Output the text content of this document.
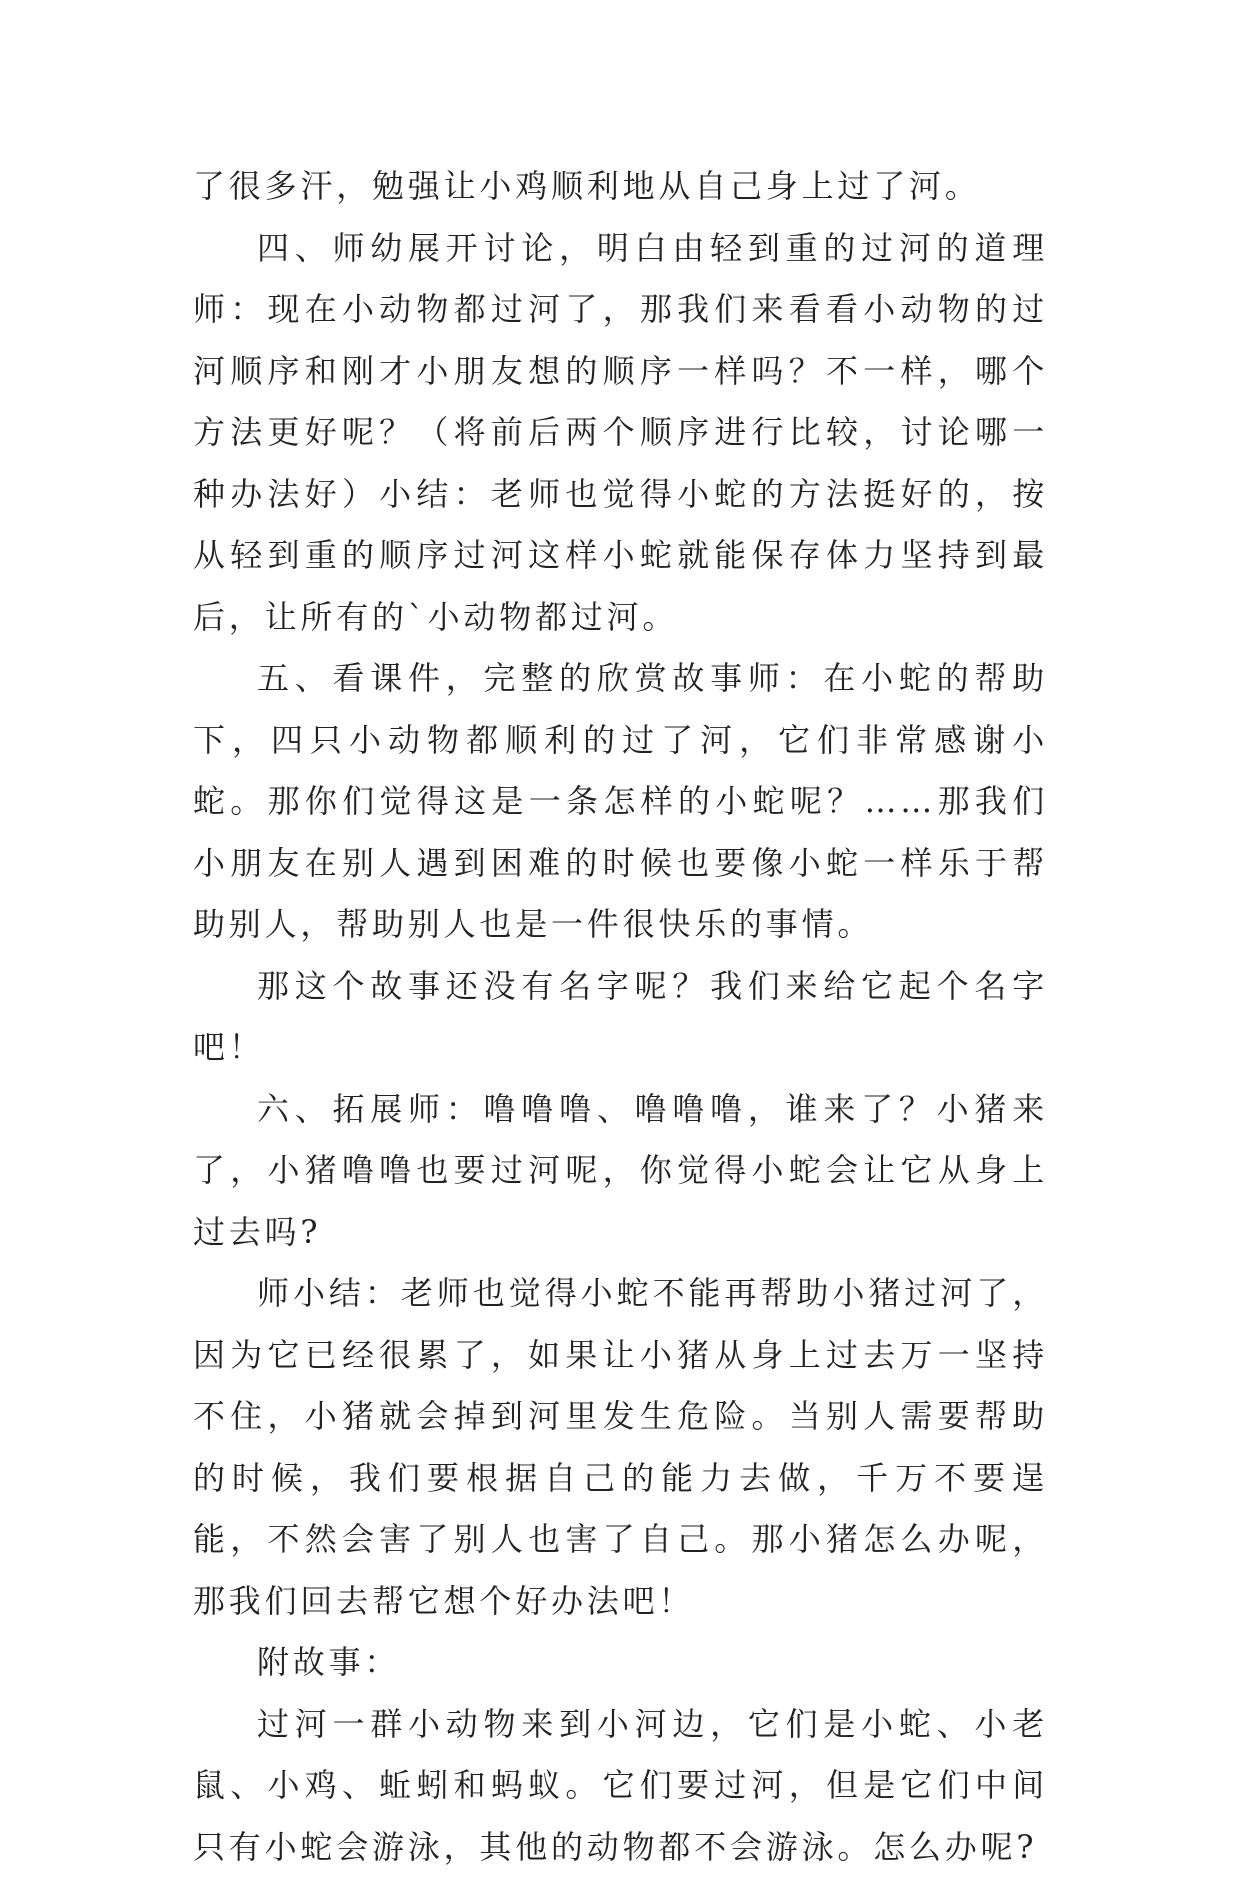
了很多汗，勉强让小鸡顺利地从自己身上过了河。

四、师幼展开讨论，明白由轻到重的过河的道理师：现在小动物都过河了，那我们来看看小动物的过河顺序和刚才小朋友想的顺序一样吗？不一样，哪个方法更好呢？（将前后两个顺序进行比较，讨论哪一种办法好）小结：老师也觉得小蛇的方法挺好的，按从轻到重的顺序过河这样小蛇就能保存体力坚持到最后，让所有的`小动物都过河。

五、看课件，完整的欣赏故事师：在小蛇的帮助下，四只小动物都顺利的过了河，它们非常感谢小蛇。那你们觉得这是一条怎样的小蛇呢？……那我们小朋友在别人遇到困难的时候也要像小蛇一样乐于帮助别人，帮助别人也是一件很快乐的事情。

那这个故事还没有名字呢？我们来给它起个名字吧！

六、拓展师：噜噜噜、噜噜噜，谁来了？小猪来了，小猪噜噜也要过河呢，你觉得小蛇会让它从身上过去吗?

师小结：老师也觉得小蛇不能再帮助小猪过河了，因为它已经很累了，如果让小猪从身上过去万一坚持不住，小猪就会掉到河里发生危险。当别人需要帮助的时候，我们要根据自己的能力去做，千万不要逞能，不然会害了别人也害了自己。那小猪怎么办呢，那我们回去帮它想个好办法吧！

附故事：

过河一群小动物来到小河边，它们是小蛇、小老鼠、小鸡、蚯蚓和蚂蚁。它们要过河，但是它们中间只有小蛇会游泳，其他的动物都不会游泳。怎么办呢?
